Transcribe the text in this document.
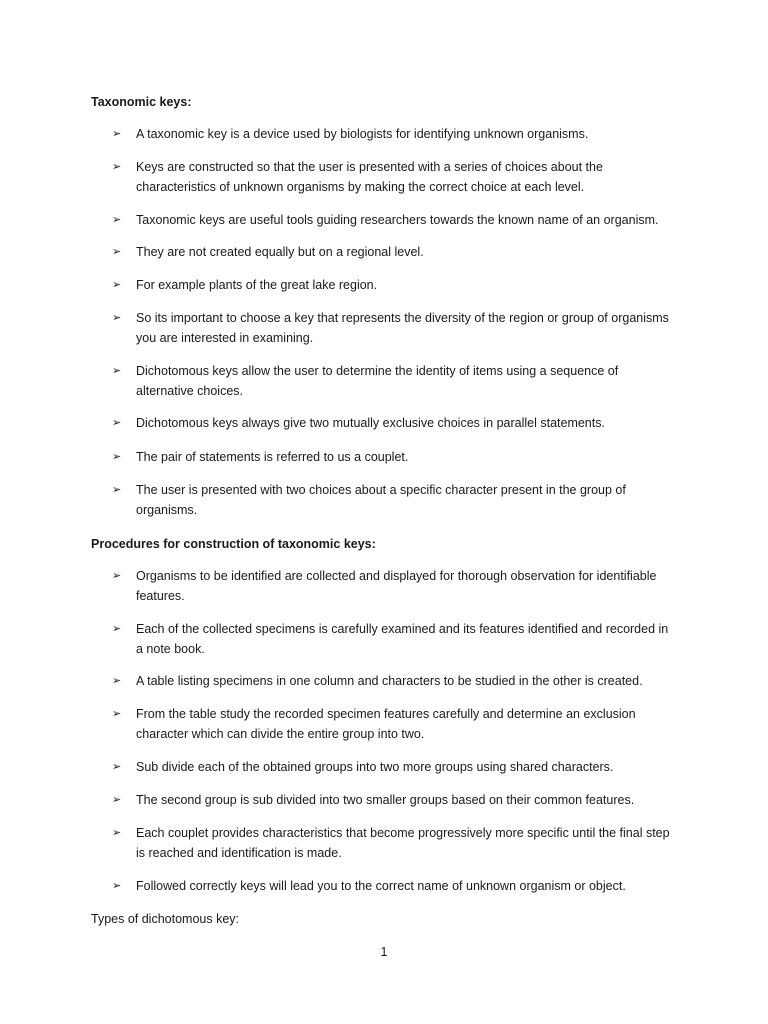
Taxonomic keys:
➢	A taxonomic key is a device used by biologists for identifying unknown organisms.
➢	Keys are constructed so that the user is presented with a series of choices about the characteristics of unknown organisms by making the correct choice at each level.
➢	Taxonomic keys are useful tools guiding researchers towards the known name of an organism.
➢	They are not created equally but on a regional level.
➢	For example plants of the great lake region.
➢	So its important to choose a key that represents the diversity of the region or group of organisms you are interested in examining.
➢	Dichotomous keys allow the user to determine the identity of items using a sequence of alternative choices.
➢	Dichotomous keys always give two mutually exclusive choices in parallel statements.
➢	The pair of statements is referred to us a couplet.
➢	The user is presented with two choices about a specific character present in the group of organisms.
Procedures for construction of taxonomic keys:
➢	Organisms to be identified are collected and displayed for thorough observation for identifiable features.
➢	Each of the collected specimens is carefully examined and its features identified and recorded in a note book.
➢	A table listing specimens in one column and characters to be studied in the other is created.
➢	From the table study the recorded specimen features carefully and determine an exclusion character which can divide the entire group into two.
➢	Sub divide each of the obtained groups into two more groups using shared characters.
➢	The second group is sub divided into two smaller groups based on their common features.
➢	Each couplet provides characteristics that become progressively more specific until the final step is reached and identification is made.
➢	Followed correctly keys will lead you to the correct name of unknown organism or object.
Types of dichotomous key:
1
